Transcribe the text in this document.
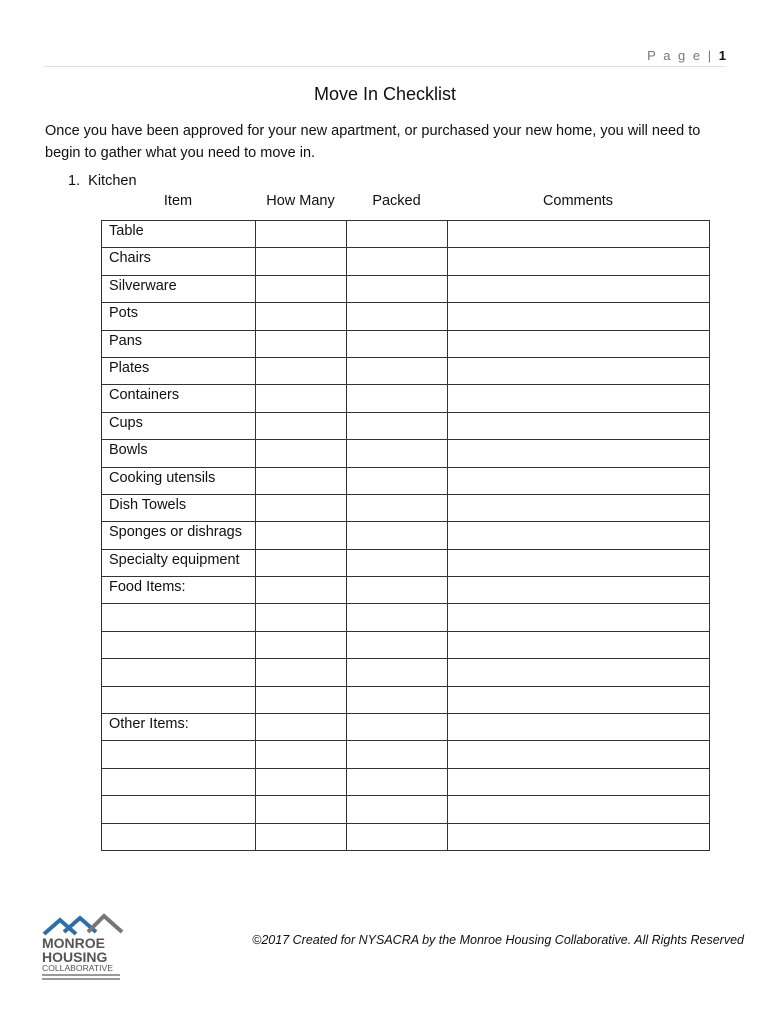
P a g e | 1
Move In Checklist
Once you have been approved for your new apartment, or purchased your new home, you will need to begin to gather what you need to move in.
1. Kitchen
Item	How Many	Packed	Comments
Table			
Chairs			
Silverware			
Pots			
Pans			
Plates			
Containers			
Cups			
Bowls			
Cooking utensils			
Dish Towels			
Sponges or dishrags			
Specialty equipment			
Food Items:			

Other Items:			

MONROE
HOUSING
COLLABORATIVE
©2017 Created for NYSACRA by the Monroe Housing Collaborative. All Rights Reserved
